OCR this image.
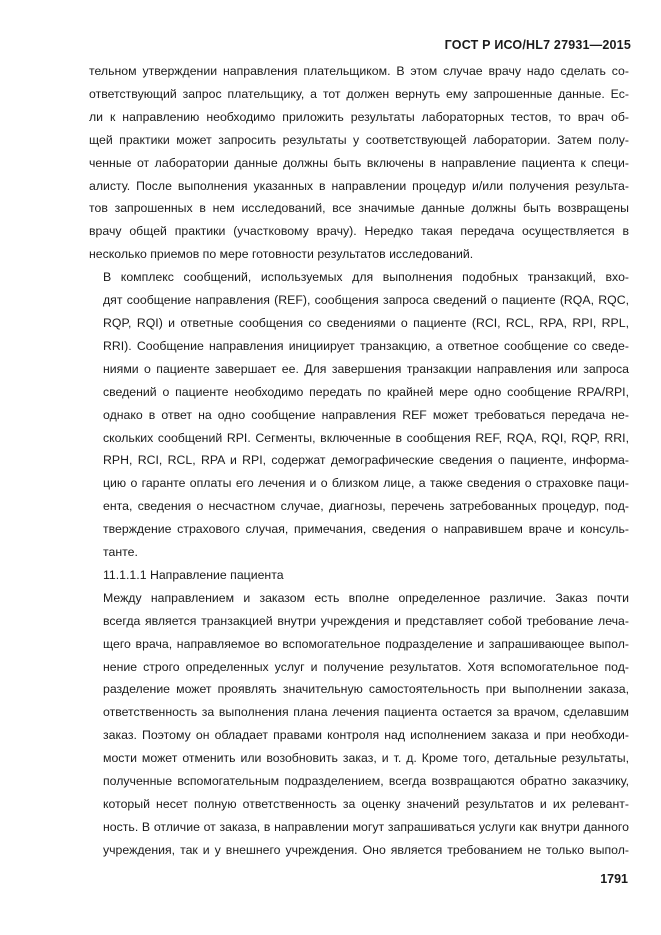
ГОСТ Р ИСО/HL7 27931—2015

тельном утверждении направления плательщиком. В этом случае врачу надо сделать со-
ответствующий запрос плательщику, а тот должен вернуть ему запрошенные данные. Ес-
ли к направлению необходимо приложить результаты лабораторных тестов, то врач об-
щей практики может запросить результаты у соответствующей лаборатории. Затем полу-
ченные от лаборатории данные должны быть включены в направление пациента к специ-
алисту. После выполнения указанных в направлении процедур и/или получения результа-
тов запрошенных в нем исследований, все значимые данные должны быть возвращены
врачу общей практики (участковому врачу). Нередко такая передача осуществляется в
несколько приемов по мере готовности результатов исследований.

В комплекс сообщений, используемых для выполнения подобных транзакций, вхо-
дят сообщение направления (REF), сообщения запроса сведений о пациенте (RQA, RQC,
RQP, RQI) и ответные сообщения со сведениями о пациенте (RCI, RCL, RPA, RPI, RPL,
RRI). Сообщение направления инициирует транзакцию, а ответное сообщение со сведе-
ниями о пациенте завершает ее. Для завершения транзакции направления или запроса
сведений о пациенте необходимо передать по крайней мере одно сообщение RPA/RPI,
однако в ответ на одно сообщение направления REF может требоваться передача не-
скольких сообщений RPI. Сегменты, включенные в сообщения REF, RQA, RQI, RQP, RRI,
RPH, RCI, RCL, RPA и RPI, содержат демографические сведения о пациенте, информа-
цию о гаранте оплаты его лечения и о близком лице, а также сведения о страховке паци-
ента, сведения о несчастном случае, диагнозы, перечень затребованных процедур, под-
тверждение страхового случая, примечания, сведения о направившем враче и консуль-
танте.

11.1.1.1 Направление пациента

Между направлением и заказом есть вполне определенное различие. Заказ почти
всегда является транзакцией внутри учреждения и представляет собой требование леча-
щего врача, направляемое во вспомогательное подразделение и запрашивающее выпол-
нение строго определенных услуг и получение результатов. Хотя вспомогательное под-
разделение может проявлять значительную самостоятельность при выполнении заказа,
ответственность за выполнения плана лечения пациента остается за врачом, сделавшим
заказ. Поэтому он обладает правами контроля над исполнением заказа и при необходи-
мости может отменить или возобновить заказ, и т. д. Кроме того, детальные результаты,
полученные вспомогательным подразделением, всегда возвращаются обратно заказчику,
который несет полную ответственность за оценку значений результатов и их релевант-
ность. В отличие от заказа, в направлении могут запрашиваться услуги как внутри данного
учреждения, так и у внешнего учреждения. Оно является требованием не только выпол-

1791
